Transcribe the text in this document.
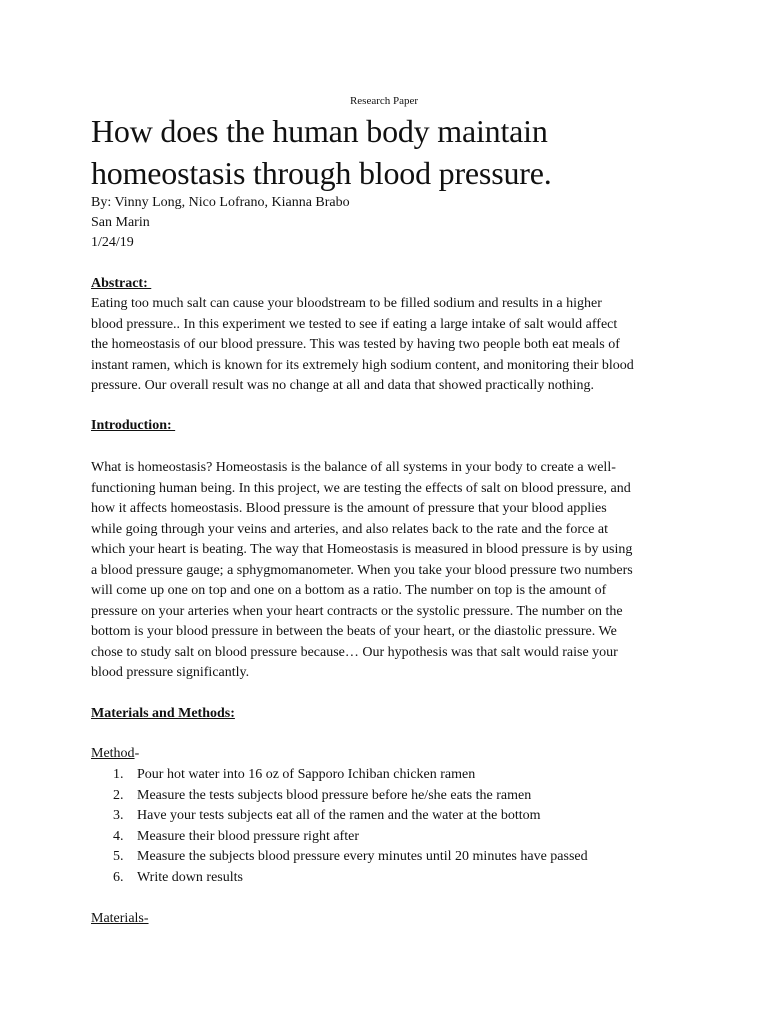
Research Paper
How does the human body maintain
homeostasis through blood pressure.
By: Vinny Long, Nico Lofrano, Kianna Brabo
San Marin
1/24/19
Abstract:
Eating too much salt can cause your bloodstream to be filled sodium and results in a higher
blood pressure.. In this experiment we tested to see if eating a large intake of salt would affect
the homeostasis of our blood pressure. This was tested by having two people both eat meals of
instant ramen, which is known for its extremely high sodium content, and monitoring their blood
pressure. Our overall result was no change at all and data that showed practically nothing.
Introduction:
What is homeostasis? Homeostasis is the balance of all systems in your body to create a well-
functioning human being. In this project, we are testing the effects of salt on blood pressure, and
how it affects homeostasis. Blood pressure is the amount of pressure that your blood applies
while going through your veins and arteries, and also relates back to the rate and the force at
which your heart is beating. The way that Homeostasis is measured in blood pressure is by using
a blood pressure gauge; a sphygmomanometer. When you take your blood pressure two numbers
will come up one on top and one on a bottom as a ratio. The number on top is the amount of
pressure on your arteries when your heart contracts or the systolic pressure. The number on the
bottom is your blood pressure in between the beats of your heart, or the diastolic pressure. We
chose to study salt on blood pressure because… Our hypothesis was that salt would raise your
blood pressure significantly.
Materials and Methods:
Method-
1. Pour hot water into 16 oz of Sapporo Ichiban chicken ramen
2. Measure the tests subjects blood pressure before he/she eats the ramen
3. Have your tests subjects eat all of the ramen and the water at the bottom
4. Measure their blood pressure right after
5. Measure the subjects blood pressure every minutes until 20 minutes have passed
6. Write down results
Materials-
